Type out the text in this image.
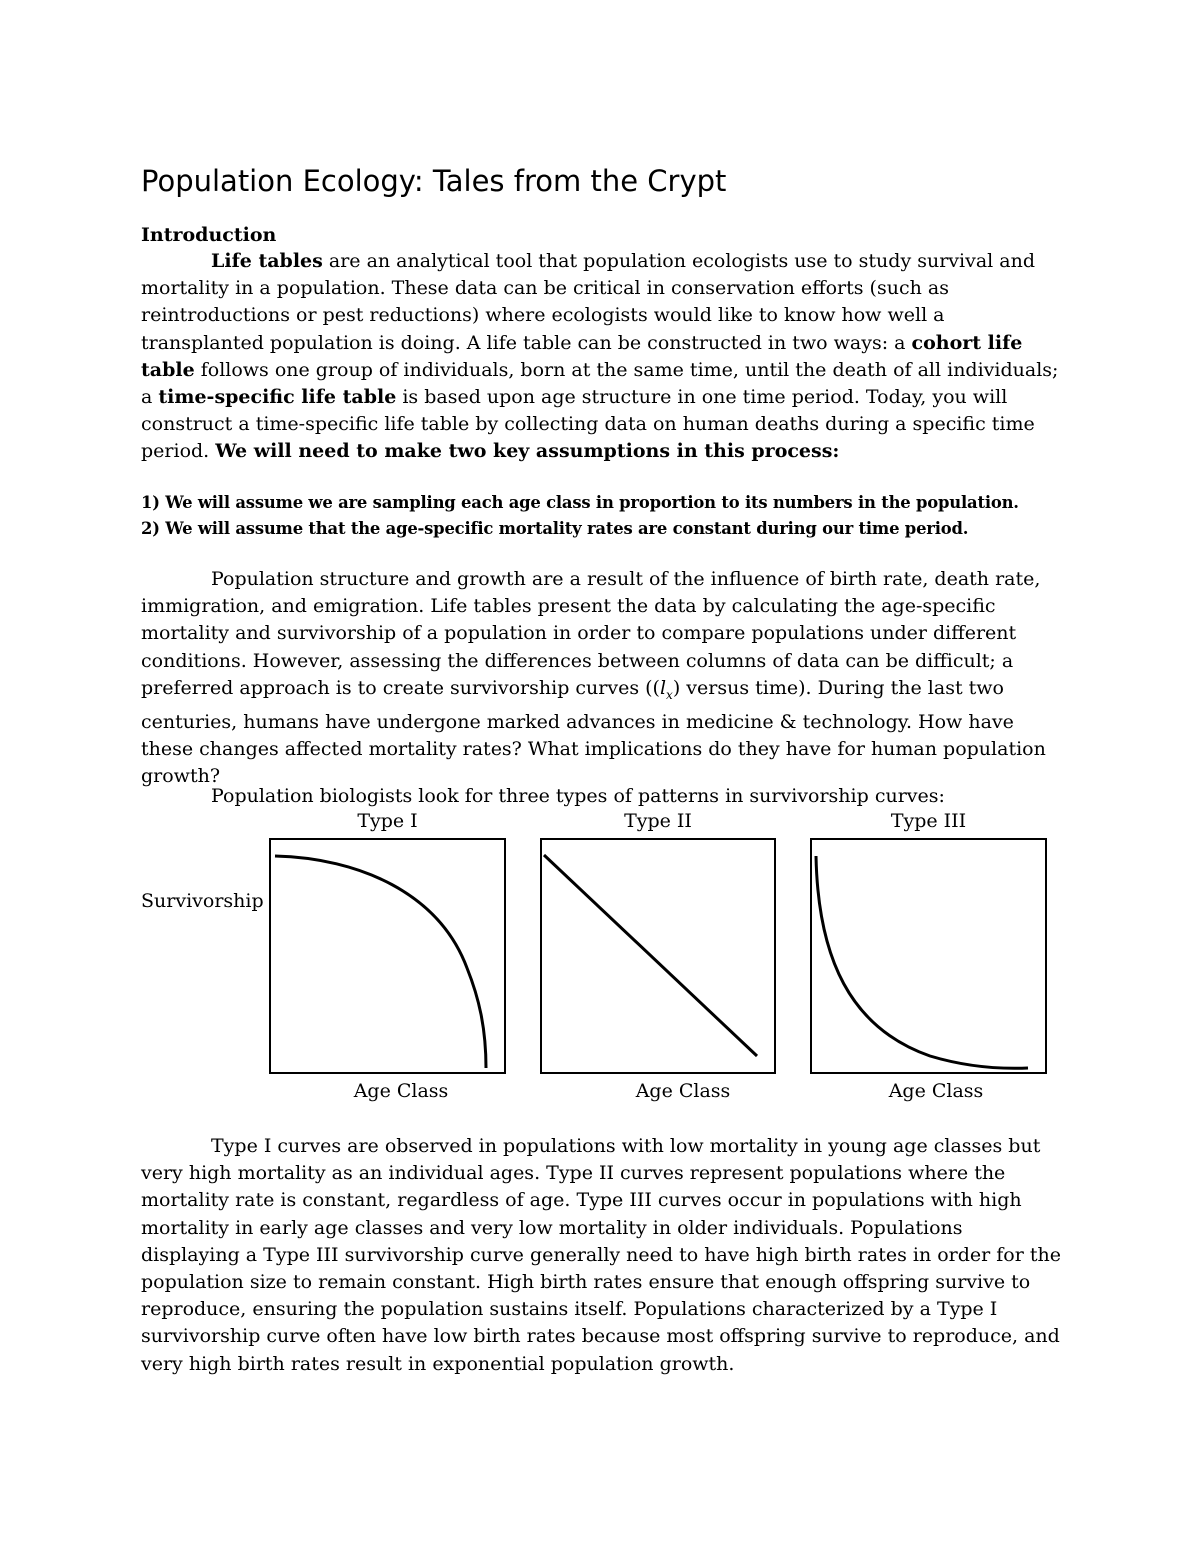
Population Ecology: Tales from the Crypt

Introduction

Life tables are an analytical tool that population ecologists use to study survival and mortality in a population. These data can be critical in conservation efforts (such as reintroductions or pest reductions) where ecologists would like to know how well a transplanted population is doing. A life table can be constructed in two ways: a cohort life table follows one group of individuals, born at the same time, until the death of all individuals; a time-specific life table is based upon age structure in one time period. Today, you will construct a time-specific life table by collecting data on human deaths during a specific time period. We will need to make two key assumptions in this process:

1) We will assume we are sampling each age class in proportion to its numbers in the population.

2) We will assume that the age-specific mortality rates are constant during our time period.

Population structure and growth are a result of the influence of birth rate, death rate, immigration, and emigration. Life tables present the data by calculating the age-specific mortality and survivorship of a population in order to compare populations under different conditions. However, assessing the differences between columns of data can be difficult; a preferred approach is to create survivorship curves ($(l_x)$ versus time). During the last two centuries, humans have undergone marked advances in medicine & technology. How have these changes affected mortality rates? What implications do they have for human population growth?

Population biologists look for three types of patterns in survivorship curves:

Type I	Type II	Type III
Survivorship
Age Class	Age Class	Age Class

Type I curves are observed in populations with low mortality in young age classes but very high mortality as an individual ages. Type II curves represent populations where the mortality rate is constant, regardless of age. Type III curves occur in populations with high mortality in early age classes and very low mortality in older individuals. Populations displaying a Type III survivorship curve generally need to have high birth rates in order for the population size to remain constant. High birth rates ensure that enough offspring survive to reproduce, ensuring the population sustains itself. Populations characterized by a Type I survivorship curve often have low birth rates because most offspring survive to reproduce, and very high birth rates result in exponential population growth.
